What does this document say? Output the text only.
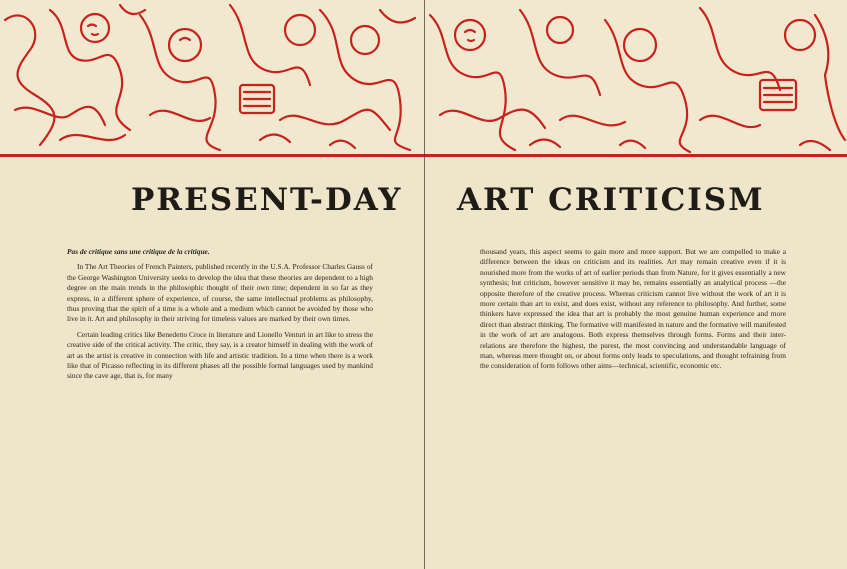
PRESENT-DAY ART CRITICISM

Pas de critique sans une critique de la critique.

In The Art Theories of French Painters, published recently in the U.S.A. Professor Charles Gauss of the George Washington University seeks to develop the idea that these theories are dependent to a high degree on the main trends in the philosophic thought of their own time; dependent in so far as they express, in a different sphere of experience, of course, the same intellectual problems as philosophy, thus proving that the spirit of a time is a whole and a medium which cannot be avoided by those who live in it. Art and philosophy in their striving for timeless values are marked by their own times.

Certain leading critics like Benedetto Croce in literature and Lionello Venturi in art like to stress the creative side of the critical activity. The critic, they say, is a creator himself in dealing with the work of art as the artist is creative in connection with life and artistic tradition. In a time when there is a work like that of Picasso reflecting in its different phases all the possible formal languages used by mankind since the cave age, that is, for many

thousand years, this aspect seems to gain more and more support. But we are compelled to make a difference between the ideas on criticism and its realities. Art may remain creative even if it is nourished more from the works of art of earlier periods than from Nature, for it gives essentially a new synthesis; but criticism, however sensitive it may be, remains essentially an analytical process —the opposite therefore of the creative process. Whereas criticism cannot live without the work of art it is more certain than art to exist, and does exist, without any reference to philosophy. And further, some thinkers have expressed the idea that art is probably the most genuine human experience and more direct than abstract thinking. The formative will manifested in nature and the formative will manifested in the work of art are analogous. Both express themselves through forms. Forms and their inter-relations are therefore the highest, the purest, the most convincing and understandable language of man, whereas mere thought on, or about forms only leads to speculations, and thought refraining from the consideration of form follows other aims—technical, scientific, economic etc.
